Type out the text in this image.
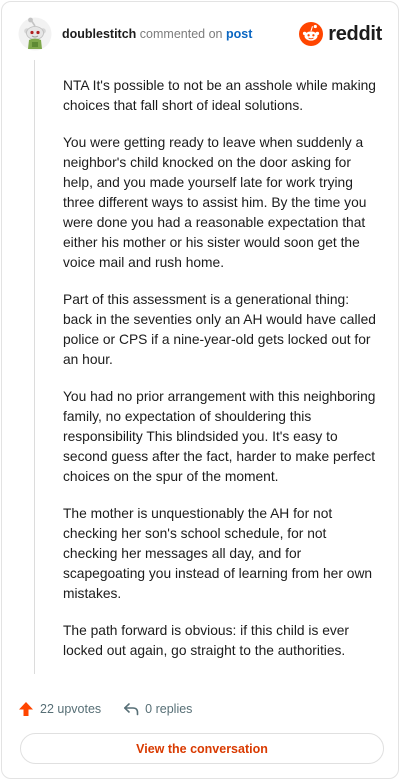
doublestitch commented on post	reddit

NTA It's possible to not be an asshole while making choices that fall short of ideal solutions.

You were getting ready to leave when suddenly a neighbor's child knocked on the door asking for help, and you made yourself late for work trying three different ways to assist him. By the time you were done you had a reasonable expectation that either his mother or his sister would soon get the voice mail and rush home.

Part of this assessment is a generational thing: back in the seventies only an AH would have called police or CPS if a nine-year-old gets locked out for an hour.

You had no prior arrangement with this neighboring family, no expectation of shouldering this responsibility This blindsided you. It's easy to second guess after the fact, harder to make perfect choices on the spur of the moment.

The mother is unquestionably the AH for not checking her son's school schedule, for not checking her messages all day, and for scapegoating you instead of learning from her own mistakes.

The path forward is obvious: if this child is ever locked out again, go straight to the authorities.

22 upvotes	0 replies
View the conversation
